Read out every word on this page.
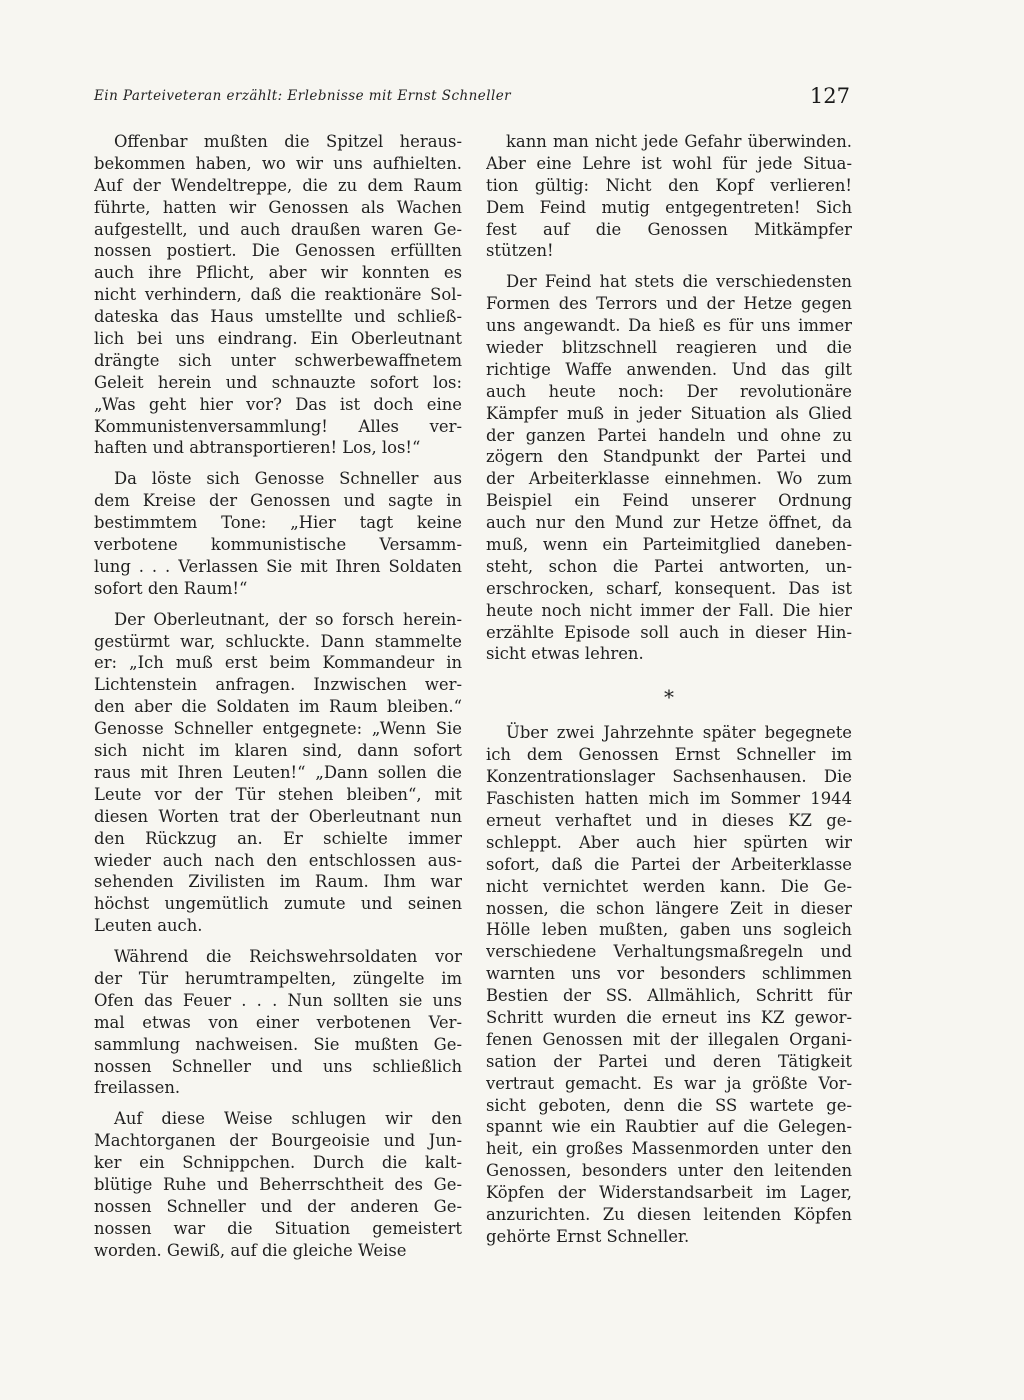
Ein Parteiveteran erzählt: Erlebnisse mit Ernst Schneller	127
Offenbar mußten die Spitzel heraus-
bekommen haben, wo wir uns aufhielten.
Auf der Wendeltreppe, die zu dem Raum
führte, hatten wir Genossen als Wachen
aufgestellt, und auch draußen waren Ge-
nossen postiert. Die Genossen erfüllten
auch ihre Pflicht, aber wir konnten es
nicht verhindern, daß die reaktionäre Sol-
dateska das Haus umstellte und schließ-
lich bei uns eindrang. Ein Oberleutnant
drängte sich unter schwerbewaffnetem
Geleit herein und schnauzte sofort los:
„Was geht hier vor? Das ist doch eine
Kommunistenversammlung! Alles ver-
haften und abtransportieren! Los, los!“
Da löste sich Genosse Schneller aus
dem Kreise der Genossen und sagte in
bestimmtem Tone: „Hier tagt keine
verbotene kommunistische Versamm-
lung . . . Verlassen Sie mit Ihren Soldaten
sofort den Raum!“
Der Oberleutnant, der so forsch herein-
gestürmt war, schluckte. Dann stammelte
er: „Ich muß erst beim Kommandeur in
Lichtenstein anfragen. Inzwischen wer-
den aber die Soldaten im Raum bleiben.“
Genosse Schneller entgegnete: „Wenn Sie
sich nicht im klaren sind, dann sofort
raus mit Ihren Leuten!“ „Dann sollen die
Leute vor der Tür stehen bleiben“, mit
diesen Worten trat der Oberleutnant nun
den Rückzug an. Er schielte immer
wieder auch nach den entschlossen aus-
sehenden Zivilisten im Raum. Ihm war
höchst ungemütlich zumute und seinen
Leuten auch.
Während die Reichswehrsoldaten vor
der Tür herumtrampelten, züngelte im
Ofen das Feuer . . . Nun sollten sie uns
mal etwas von einer verbotenen Ver-
sammlung nachweisen. Sie mußten Ge-
nossen Schneller und uns schließlich
freilassen.
Auf diese Weise schlugen wir den
Machtorganen der Bourgeoisie und Jun-
ker ein Schnippchen. Durch die kalt-
blütige Ruhe und Beherrschtheit des Ge-
nossen Schneller und der anderen Ge-
nossen war die Situation gemeistert
worden. Gewiß, auf die gleiche Weise
kann man nicht jede Gefahr überwinden.
Aber eine Lehre ist wohl für jede Situa-
tion gültig: Nicht den Kopf verlieren!
Dem Feind mutig entgegentreten! Sich
fest auf die Genossen Mitkämpfer
stützen!
Der Feind hat stets die verschiedensten
Formen des Terrors und der Hetze gegen
uns angewandt. Da hieß es für uns immer
wieder blitzschnell reagieren und die
richtige Waffe anwenden. Und das gilt
auch heute noch: Der revolutionäre
Kämpfer muß in jeder Situation als Glied
der ganzen Partei handeln und ohne zu
zögern den Standpunkt der Partei und
der Arbeiterklasse einnehmen. Wo zum
Beispiel ein Feind unserer Ordnung
auch nur den Mund zur Hetze öffnet, da
muß, wenn ein Parteimitglied daneben-
steht, schon die Partei antworten, un-
erschrocken, scharf, konsequent. Das ist
heute noch nicht immer der Fall. Die hier
erzählte Episode soll auch in dieser Hin-
sicht etwas lehren.
*
Über zwei Jahrzehnte später begegnete
ich dem Genossen Ernst Schneller im
Konzentrationslager Sachsenhausen. Die
Faschisten hatten mich im Sommer 1944
erneut verhaftet und in dieses KZ ge-
schleppt. Aber auch hier spürten wir
sofort, daß die Partei der Arbeiterklasse
nicht vernichtet werden kann. Die Ge-
nossen, die schon längere Zeit in dieser
Hölle leben mußten, gaben uns sogleich
verschiedene Verhaltungsmaßregeln und
warnten uns vor besonders schlimmen
Bestien der SS. Allmählich, Schritt für
Schritt wurden die erneut ins KZ gewor-
fenen Genossen mit der illegalen Organi-
sation der Partei und deren Tätigkeit
vertraut gemacht. Es war ja größte Vor-
sicht geboten, denn die SS wartete ge-
spannt wie ein Raubtier auf die Gelegen-
heit, ein großes Massenmorden unter den
Genossen, besonders unter den leitenden
Köpfen der Widerstandsarbeit im Lager,
anzurichten. Zu diesen leitenden Köpfen
gehörte Ernst Schneller.
